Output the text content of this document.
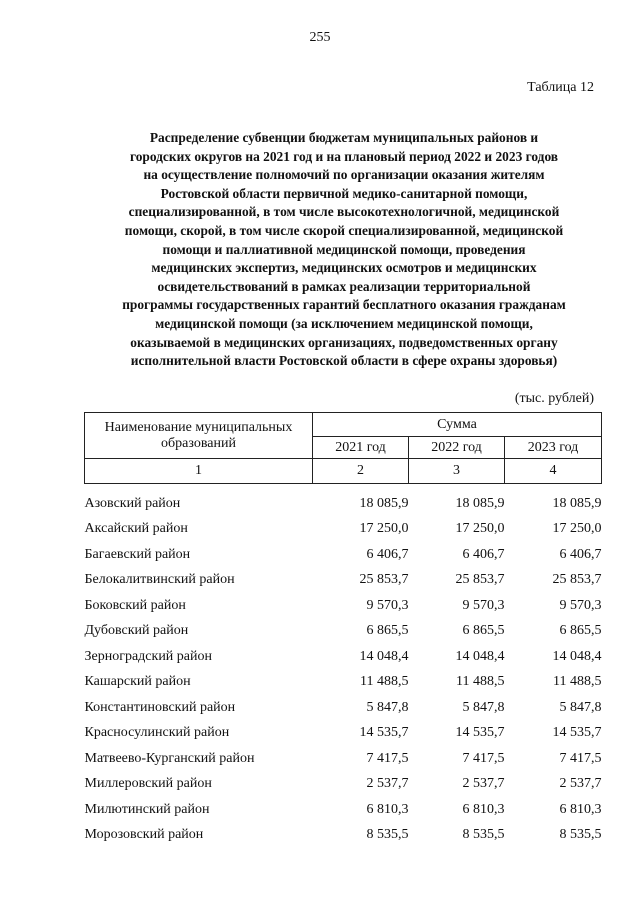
255
Таблица 12
Распределение субвенции бюджетам муниципальных районов и
городских округов на 2021 год и на плановый период 2022 и 2023 годов
на осуществление полномочий по организации оказания жителям
Ростовской области первичной медико-санитарной помощи,
специализированной, в том числе высокотехнологичной, медицинской
помощи, скорой, в том числе скорой специализированной, медицинской
помощи и паллиативной медицинской помощи, проведения
медицинских экспертиз, медицинских осмотров и медицинских
освидетельствований в рамках реализации территориальной
программы государственных гарантий бесплатного оказания гражданам
медицинской помощи (за исключением медицинской помощи,
оказываемой в медицинских организациях, подведомственных органу
исполнительной власти Ростовской области в сфере охраны здоровья)
(тыс. рублей)
Наименование муниципальных образований	Сумма		
	2021 год	2022 год	2023 год
1	2	3	4

Азовский район	18 085,9	18 085,9	18 085,9
Аксайский район	17 250,0	17 250,0	17 250,0
Багаевский район	6 406,7	6 406,7	6 406,7
Белокалитвинский район	25 853,7	25 853,7	25 853,7
Боковский район	9 570,3	9 570,3	9 570,3
Дубовский район	6 865,5	6 865,5	6 865,5
Зерноградский район	14 048,4	14 048,4	14 048,4
Кашарский район	11 488,5	11 488,5	11 488,5
Константиновский район	5 847,8	5 847,8	5 847,8
Красносулинский район	14 535,7	14 535,7	14 535,7
Матвеево-Курганский район	7 417,5	7 417,5	7 417,5
Миллеровский район	2 537,7	2 537,7	2 537,7
Милютинский район	6 810,3	6 810,3	6 810,3
Морозовский район	8 535,5	8 535,5	8 535,5
